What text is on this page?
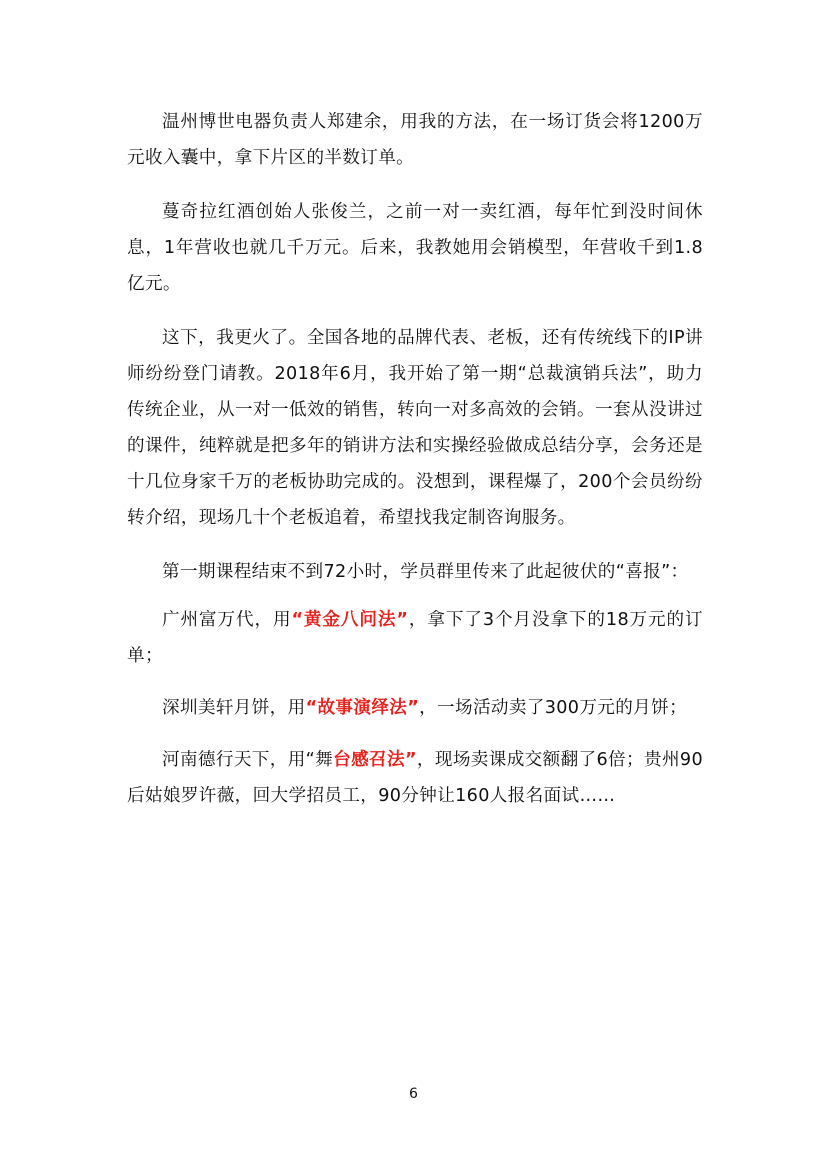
温州博世电器负责人郑建余，用我的方法，在一场订货会将1200万元收入囊中，拿下片区的半数订单。

蔓奇拉红酒创始人张俊兰，之前一对一卖红酒，每年忙到没时间休息，1年营收也就几千万元。后来，我教她用会销模型，年营收千到1.8亿元。

这下，我更火了。全国各地的品牌代表、老板，还有传统线下的IP讲师纷纷登门请教。2018年6月，我开始了第一期“总裁演销兵法”，助力传统企业，从一对一低效的销售，转向一对多高效的会销。一套从没讲过的课件，纯粹就是把多年的销讲方法和实操经验做成总结分享，会务还是十几位身家千万的老板协助完成的。没想到，课程爆了，200个会员纷纷转介绍，现场几十个老板追着，希望找我定制咨询服务。

第一期课程结束不到72小时，学员群里传来了此起彼伏的“喜报”：

广州富万代，用“黄金八问法”，拿下了3个月没拿下的18万元的订单；

深圳美轩月饼，用“故事演绎法”，一场活动卖了300万元的月饼；

河南德行天下，用“舞台感召法”，现场卖课成交额翻了6倍；贵州90后姑娘罗许薇，回大学招员工，90分钟让160人报名面试……

6
